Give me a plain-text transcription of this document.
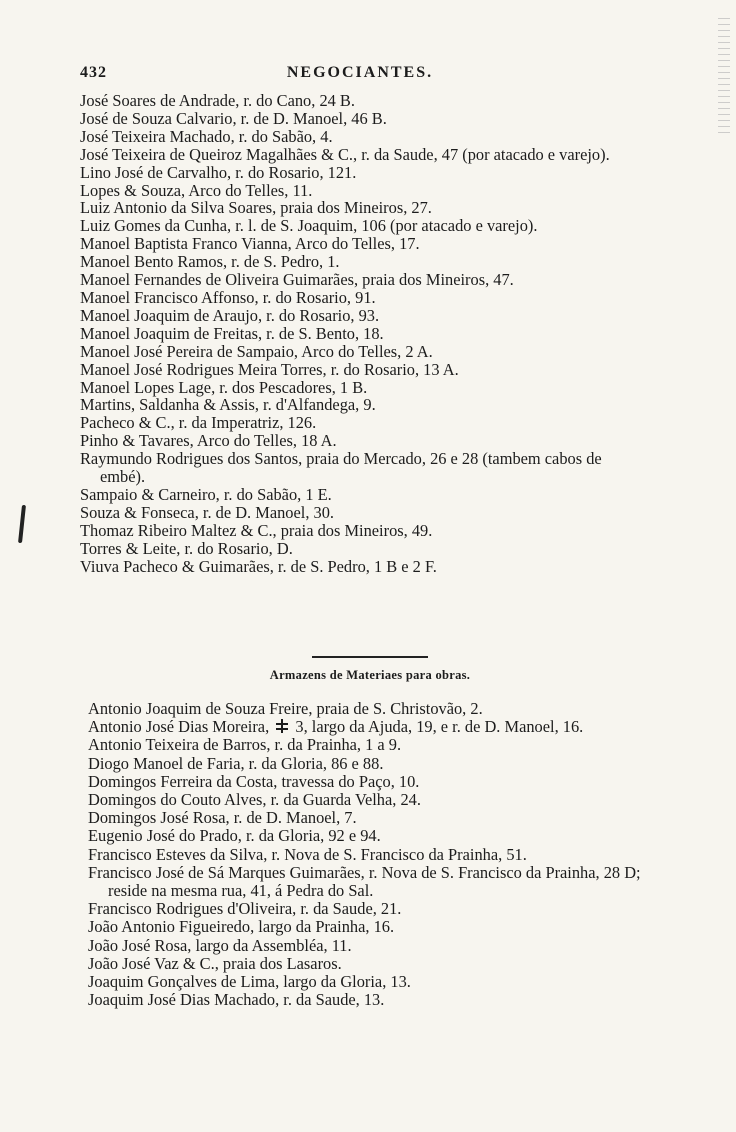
432	NEGOCIANTES.
José Soares de Andrade, r. do Cano, 24 B.
José de Souza Calvario, r. de D. Manoel, 46 B.
José Teixeira Machado, r. do Sabão, 4.
José Teixeira de Queiroz Magalhães & C., r. da Saude, 47 (por atacado e varejo).
Lino José de Carvalho, r. do Rosario, 121.
Lopes & Souza, Arco do Telles, 11.
Luiz Antonio da Silva Soares, praia dos Mineiros, 27.
Luiz Gomes da Cunha, r. l. de S. Joaquim, 106 (por atacado e varejo).
Manoel Baptista Franco Vianna, Arco do Telles, 17.
Manoel Bento Ramos, r. de S. Pedro, 1.
Manoel Fernandes de Oliveira Guimarães, praia dos Mineiros, 47.
Manoel Francisco Affonso, r. do Rosario, 91.
Manoel Joaquim de Araujo, r. do Rosario, 93.
Manoel Joaquim de Freitas, r. de S. Bento, 18.
Manoel José Pereira de Sampaio, Arco do Telles, 2 A.
Manoel José Rodrigues Meira Torres, r. do Rosario, 13 A.
Manoel Lopes Lage, r. dos Pescadores, 1 B.
Martins, Saldanha & Assis, r. d'Alfandega, 9.
Pacheco & C., r. da Imperatriz, 126.
Pinho & Tavares, Arco do Telles, 18 A.
Raymundo Rodrigues dos Santos, praia do Mercado, 26 e 28 (tambem cabos de embé).
Sampaio & Carneiro, r. do Sabão, 1 E.
Souza & Fonseca, r. de D. Manoel, 30.
Thomaz Ribeiro Maltez & C., praia dos Mineiros, 49.
Torres & Leite, r. do Rosario, D.
Viuva Pacheco & Guimarães, r. de S. Pedro, 1 B e 2 F.
Armazens de Materiaes para obras.
Antonio Joaquim de Souza Freire, praia de S. Christovão, 2.
Antonio José Dias Moreira, 3, largo da Ajuda, 19, e r. de D. Manoel, 16.
Antonio Teixeira de Barros, r. da Prainha, 1 a 9.
Diogo Manoel de Faria, r. da Gloria, 86 e 88.
Domingos Ferreira da Costa, travessa do Paço, 10.
Domingos do Couto Alves, r. da Guarda Velha, 24.
Domingos José Rosa, r. de D. Manoel, 7.
Eugenio José do Prado, r. da Gloria, 92 e 94.
Francisco Esteves da Silva, r. Nova de S. Francisco da Prainha, 51.
Francisco José de Sá Marques Guimarães, r. Nova de S. Francisco da Prainha, 28 D; reside na mesma rua, 41, á Pedra do Sal.
Francisco Rodrigues d'Oliveira, r. da Saude, 21.
João Antonio Figueiredo, largo da Prainha, 16.
João José Rosa, largo da Assembléa, 11.
João José Vaz & C., praia dos Lasaros.
Joaquim Gonçalves de Lima, largo da Gloria, 13.
Joaquim José Dias Machado, r. da Saude, 13.
